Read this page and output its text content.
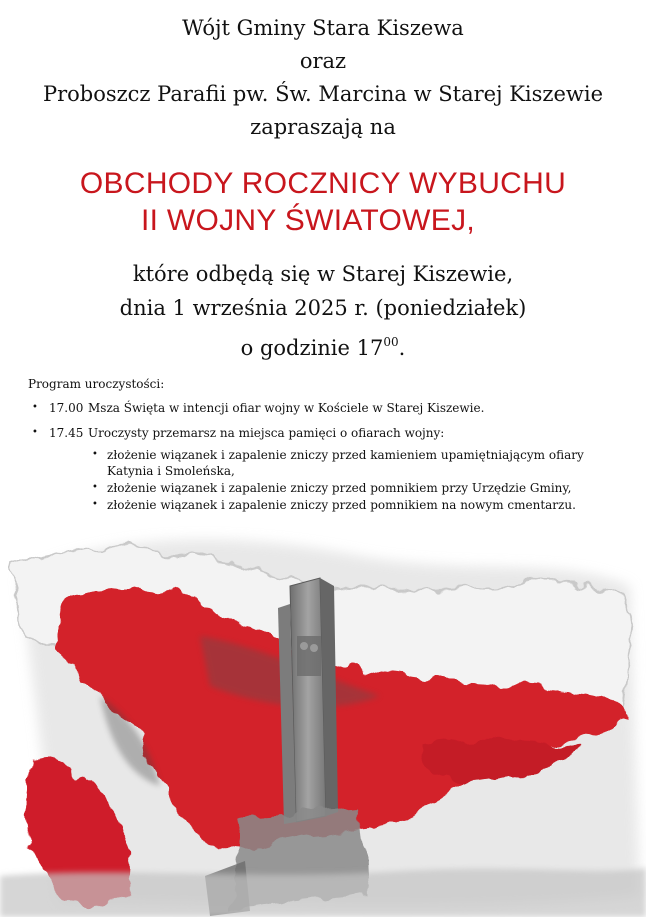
Wójt Gminy Stara Kiszewa
oraz
Proboszcz Parafii pw. Św. Marcina w Starej Kiszewie
zapraszają na
OBCHODY ROCZNICY WYBUCHU
II WOJNY ŚWIATOWEJ,
które odbędą się w Starej Kiszewie,
dnia 1 września 2025 r. (poniedziałek)
o godzinie $17^{00}$.
Program uroczystości:
• 17.00 Msza Święta w intencji ofiar wojny w Kościele w Starej Kiszewie.
• 17.45 Uroczysty przemarsz na miejsca pamięci o ofiarach wojny:
• złożenie wiązanek i zapalenie zniczy przed kamieniem upamiętniającym ofiary Katynia i Smoleńska,
• złożenie wiązanek i zapalenie zniczy przed pomnikiem przy Urzędzie Gminy,
• złożenie wiązanek i zapalenie zniczy przed pomnikiem na nowym cmentarzu.
